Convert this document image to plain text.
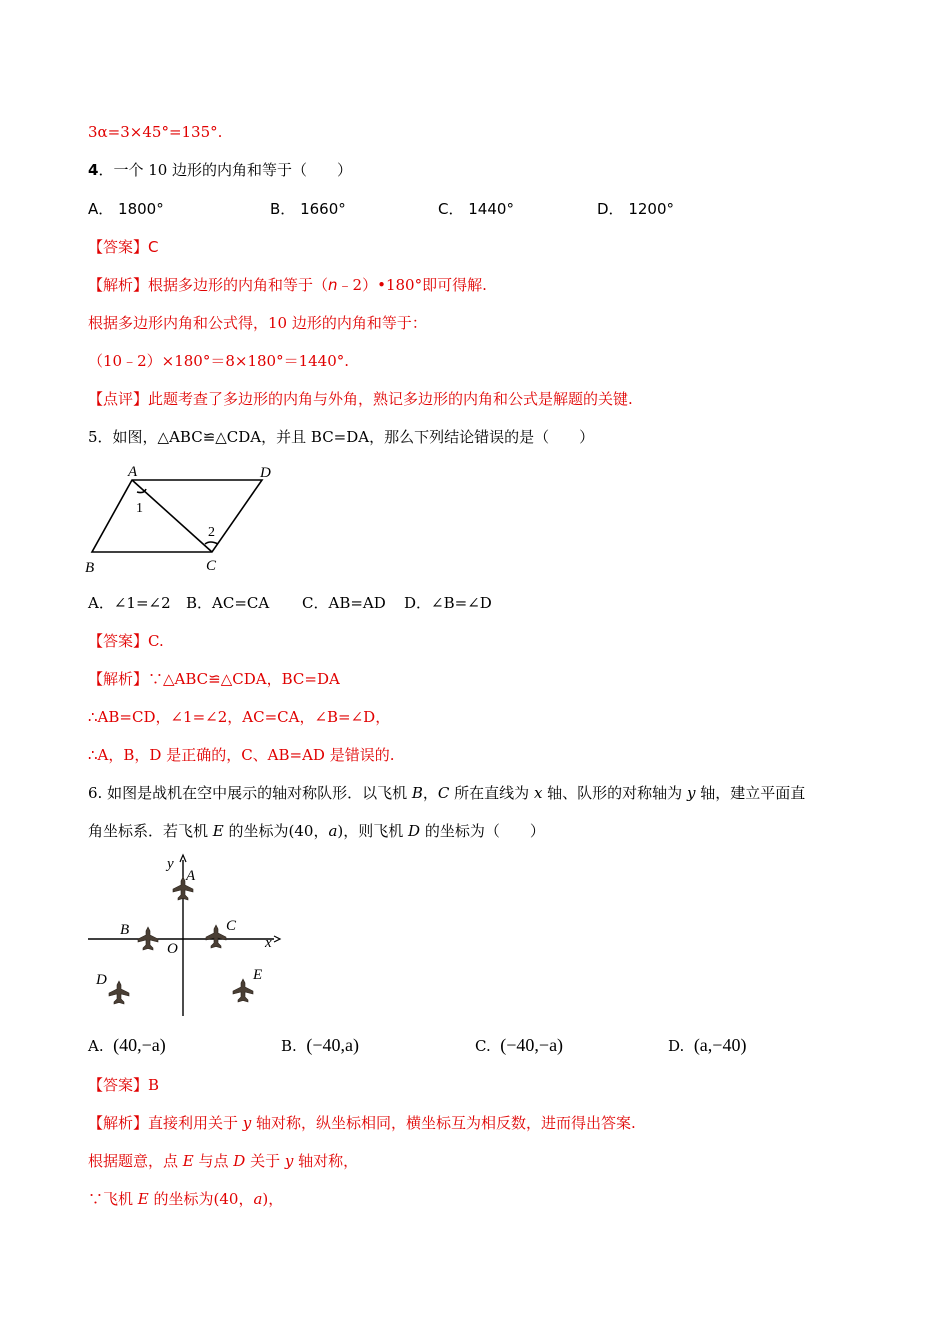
3α=3×45°=135°.
4．一个 10 边形的内角和等于（　　）
A． 1800°	B． 1660°	C． 1440°	D． 1200°
【答案】C
【解析】根据多边形的内角和等于（n﹣2）•180°即可得解.
根据多边形内角和公式得，10 边形的内角和等于：
（10﹣2）×180°＝8×180°＝1440°.
【点评】此题考查了多边形的内角与外角，熟记多边形的内角和公式是解题的关键.
5．如图，△ABC≌△CDA，并且 BC=DA，那么下列结论错误的是（　　）
A	D
B	C
1
2
A．∠1=∠2 B．AC=CA C．AB=AD D．∠B=∠D
【答案】C.
【解析】∵△ABC≌△CDA，BC=DA
∴AB=CD，∠1=∠2，AC=CA，∠B=∠D，
∴A，B，D 是正确的，C、AB=AD 是错误的.
6. 如图是战机在空中展示的轴对称队形．以飞机 B，C 所在直线为 x 轴、队形的对称轴为 y 轴，建立平面直
角坐标系．若飞机 E 的坐标为(40，a)，则飞机 D 的坐标为（　　）
y
x
O
A
B	C
D	E
A. (40,−a)	B. (−40,a)	C. (−40,−a)	D. (a,−40)
【答案】B
【解析】直接利用关于 y 轴对称，纵坐标相同，横坐标互为相反数，进而得出答案.
根据题意，点 E 与点 D 关于 y 轴对称，
∵飞机 E 的坐标为(40，a)，
